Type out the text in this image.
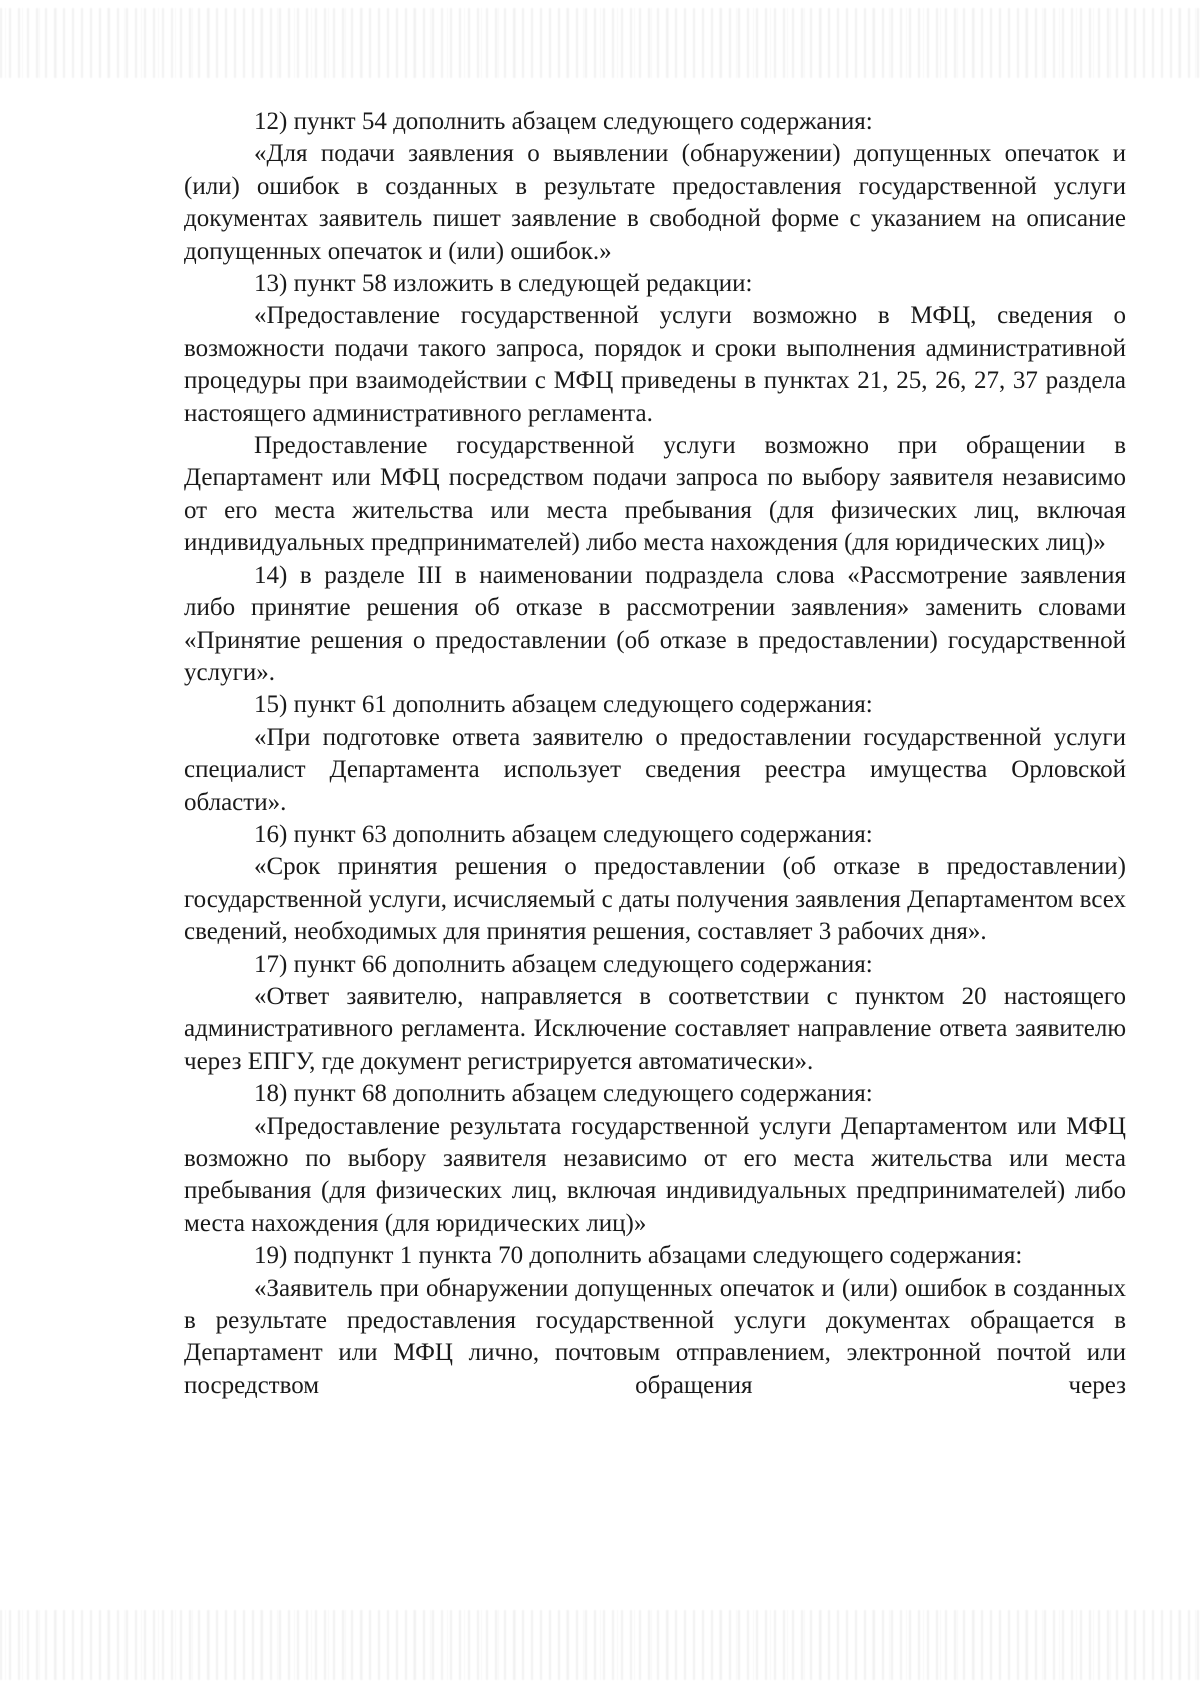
12) пункт 54 дополнить абзацем следующего содержания:

«Для подачи заявления о выявлении (обнаружении) допущенных опечаток и (или) ошибок в созданных в результате предоставления государственной услуги документах заявитель пишет заявление в свободной форме с указанием на описание допущенных опечаток и (или) ошибок.»

13) пункт 58 изложить в следующей редакции:

«Предоставление государственной услуги возможно в МФЦ, сведения о возможности подачи такого запроса, порядок и сроки выполнения административной процедуры при взаимодействии с МФЦ приведены в пунктах 21, 25, 26, 27, 37 раздела настоящего административного регламента.

Предоставление государственной услуги возможно при обращении в Департамент или МФЦ посредством подачи запроса по выбору заявителя независимо от его места жительства или места пребывания (для физических лиц, включая индивидуальных предпринимателей) либо места нахождения (для юридических лиц)»

14) в разделе III в наименовании подраздела слова «Рассмотрение заявления либо принятие решения об отказе в рассмотрении заявления» заменить словами «Принятие решения о предоставлении (об отказе в предоставлении) государственной услуги».

15) пункт 61 дополнить абзацем следующего содержания:

«При подготовке ответа заявителю о предоставлении государственной услуги специалист Департамента использует сведения реестра имущества Орловской области».

16) пункт 63 дополнить абзацем следующего содержания:

«Срок принятия решения о предоставлении (об отказе в предоставлении) государственной услуги, исчисляемый с даты получения заявления Департаментом всех сведений, необходимых для принятия решения, составляет 3 рабочих дня».

17) пункт 66 дополнить абзацем следующего содержания:

«Ответ заявителю, направляется в соответствии с пунктом 20 настоящего административного регламента. Исключение составляет направление ответа заявителю через ЕПГУ, где документ регистрируется автоматически».

18) пункт 68 дополнить абзацем следующего содержания:

«Предоставление результата государственной услуги Департаментом или МФЦ возможно по выбору заявителя независимо от его места жительства или места пребывания (для физических лиц, включая индивидуальных предпринимателей) либо места нахождения (для юридических лиц)»

19) подпункт 1 пункта 70 дополнить абзацами следующего содержания:

«Заявитель при обнаружении допущенных опечаток и (или) ошибок в созданных в результате предоставления государственной услуги документах обращается в Департамент или МФЦ лично, почтовым отправлением, электронной почтой или посредством обращения через
